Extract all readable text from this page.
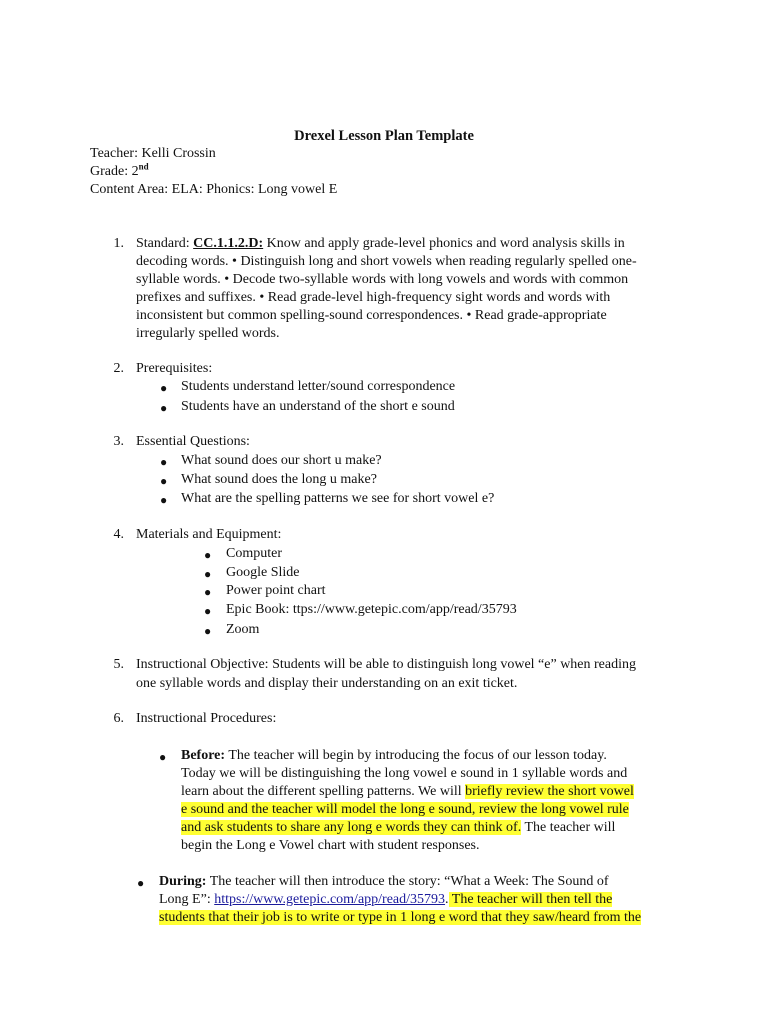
Drexel Lesson Plan Template
Teacher: Kelli Crossin
Grade: 2nd
Content Area: ELA: Phonics: Long vowel E
1. Standard: CC.1.1.2.D: Know and apply grade-level phonics and word analysis skills in
decoding words. • Distinguish long and short vowels when reading regularly spelled one-
syllable words. • Decode two-syllable words with long vowels and words with common
prefixes and suffixes. • Read grade-level high-frequency sight words and words with
inconsistent but common spelling-sound correspondences. • Read grade-appropriate
irregularly spelled words.
2. Prerequisites:
● Students understand letter/sound correspondence
● Students have an understand of the short e sound
3. Essential Questions:
● What sound does our short u make?
● What sound does the long u make?
● What are the spelling patterns we see for short vowel e?
4. Materials and Equipment:
● Computer
● Google Slide
● Power point chart
● Epic Book: ttps://www.getepic.com/app/read/35793
● Zoom
5. Instructional Objective: Students will be able to distinguish long vowel “e” when reading
one syllable words and display their understanding on an exit ticket.
6. Instructional Procedures:
● Before: The teacher will begin by introducing the focus of our lesson today.
Today we will be distinguishing the long vowel e sound in 1 syllable words and
learn about the different spelling patterns. We will briefly review the short vowel
e sound and the teacher will model the long e sound, review the long vowel rule
and ask students to share any long e words they can think of. The teacher will
begin the Long e Vowel chart with student responses.
● During: The teacher will then introduce the story: “What a Week: The Sound of
Long E”: https://www.getepic.com/app/read/35793. The teacher will then tell the
students that their job is to write or type in 1 long e word that they saw/heard from the
